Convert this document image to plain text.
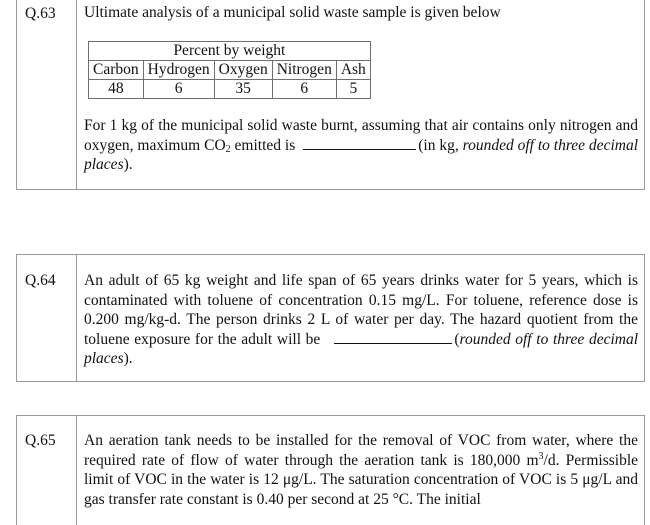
Q.63 Ultimate analysis of a municipal solid waste sample is given below
For 1 kg of the municipal solid waste burnt, assuming that air contains only nitrogen and oxygen, maximum $CO_2$ emitted is	(in kg, rounded off to three decimal places).
Percent by weight				
Carbon	Hydrogen	Oxygen	Nitrogen	Ash
48	6	35	6	5
Q.64 An adult of 65 kg weight and life span of 65 years drinks water for 5 years, which is contaminated with toluene of concentration 0.15 mg/L. For toluene, reference dose is 0.200 mg/kg-d. The person drinks 2 L of water per day. The hazard quotient from the toluene exposure for the adult will be	(rounded off to three decimal places).
Q.65 An aeration tank needs to be installed for the removal of VOC from water, where the required rate of flow of water through the aeration tank is 180,000 $m^3/d$. Permissible limit of VOC in the water is 12 μg/L. The saturation concentration of VOC is 5 μg/L and gas transfer rate constant is 0.40 per second at 25 °C. The initial
